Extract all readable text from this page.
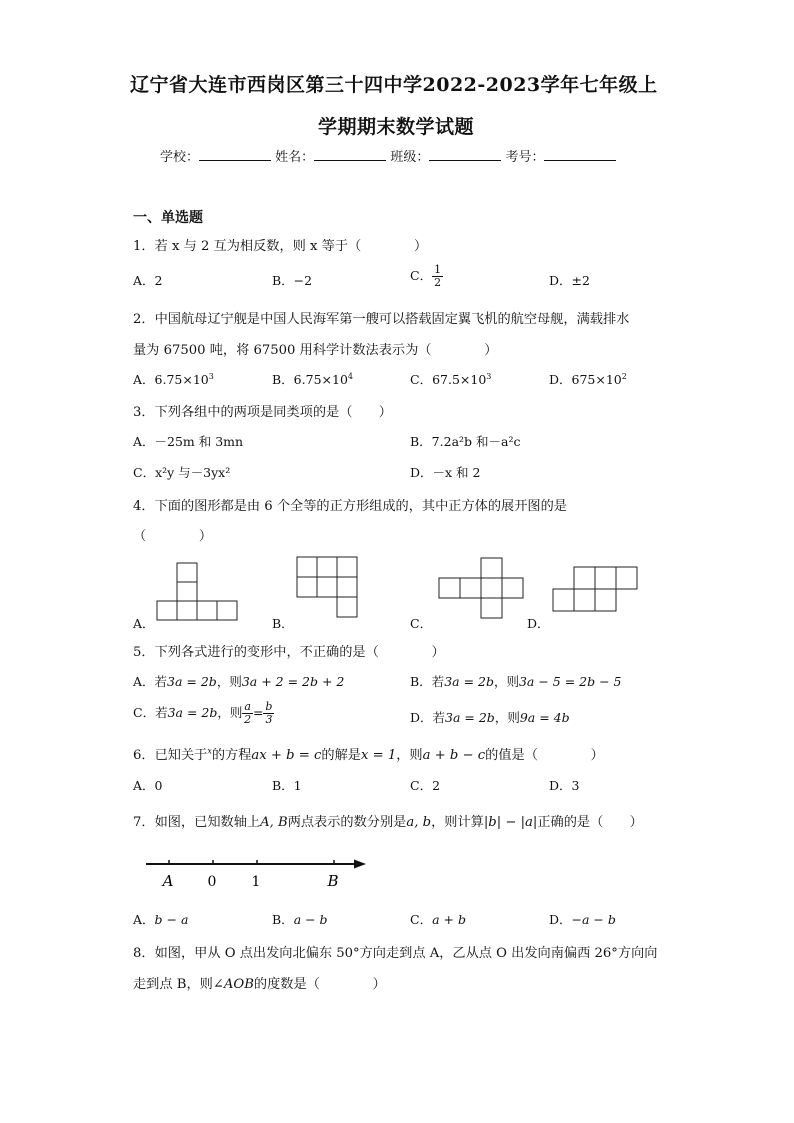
辽宁省大连市西岗区第三十四中学2022-2023学年七年级上
学期期末数学试题
学校：	姓名：	班级：	考号：
一、单选题
1．若 x 与 2 互为相反数，则 x 等于（　　　　）
A．2	B．−2	C． $\frac{1}{2}$	D．±2
2．中国航母辽宁舰是中国人民海军第一艘可以搭载固定翼飞机的航空母舰，满载排水
量为 67500 吨，将 67500 用科学计数法表示为（　　　　）
A．$6.75\times 10^3$	B．$6.75\times 10^4$	C．$67.5\times 10^3$	D．$675\times 10^2$
3．下列各组中的两项是同类项的是（　　）
A．－25m 和 3mn	B．7.2a²b 和－a²c
C．x²y 与－3yx²	D．－x 和 2
4．下面的图形都是由 6 个全等的正方形组成的，其中正方体的展开图的是
（　　　　）
A．	B．	C．	D．
5．下列各式进行的变形中，不正确的是（　　　　）
A．若3a = 2b，则3a + 2 = 2b + 2	B．若3a = 2b，则3a − 5 = 2b − 5
C．若3a = 2b，则 $\frac{a}{2} = \frac{b}{3}$	D．若3a = 2b，则9a = 4b
6．已知关于$^x$的方程ax + b = c的解是x = 1，则a + b − c的值是（　　　　）
A．0	B．1	C．2	D．3
7．如图，已知数轴上A, B两点表示的数分别是a, b，则计算|b| − |a|正确的是（　　）
A 0	1	B
A．b − a	B．a − b	C．a + b	D．−a − b
8．如图，甲从 O 点出发向北偏东 50°方向走到点 A，乙从点 O 出发向南偏西 26°方向向
走到点 B，则∠AOB的度数是（　　　　）
